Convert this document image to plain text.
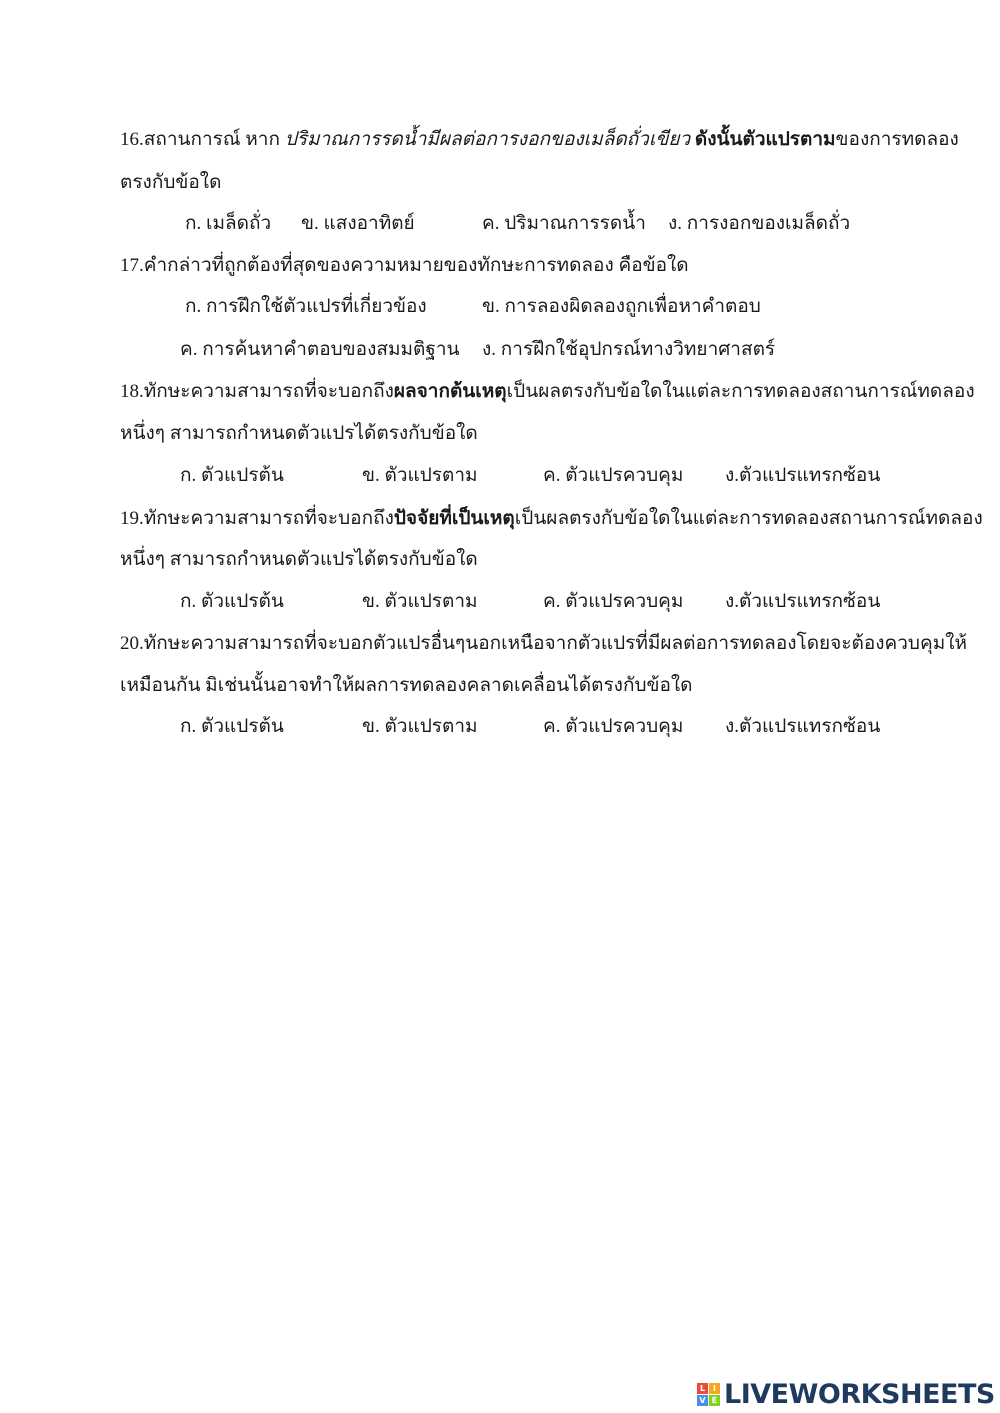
16.สถานการณ์ หาก ปริมาณการรดน้ำมีผลต่อการงอกของเมล็ดถั่วเขียว ดังนั้นตัวแปรตามของการทดลอง
ตรงกับข้อใด
ก. เมล็ดถั่ว ข. แสงอาทิตย์	ค. ปริมาณการรดน้ำ ง. การงอกของเมล็ดถั่ว
17.คำกล่าวที่ถูกต้องที่สุดของความหมายของทักษะการทดลอง คือข้อใด
ก. การฝึกใช้ตัวแปรที่เกี่ยวข้อง	ข. การลองผิดลองถูกเพื่อหาคำตอบ
ค. การค้นหาคำตอบของสมมติฐาน ง. การฝึกใช้อุปกรณ์ทางวิทยาศาสตร์
18.ทักษะความสามารถที่จะบอกถึงผลจากต้นเหตุเป็นผลตรงกับข้อใดในแต่ละการทดลองสถานการณ์ทดลอง
หนึ่งๆ สามารถกำหนดตัวแปรได้ตรงกับข้อใด
ก. ตัวแปรต้น	ข. ตัวแปรตาม	ค. ตัวแปรควบคุม ง.ตัวแปรแทรกซ้อน
19.ทักษะความสามารถที่จะบอกถึงปัจจัยที่เป็นเหตุเป็นผลตรงกับข้อใดในแต่ละการทดลองสถานการณ์ทดลอง
หนึ่งๆ สามารถกำหนดตัวแปรได้ตรงกับข้อใด
ก. ตัวแปรต้น	ข. ตัวแปรตาม	ค. ตัวแปรควบคุม ง.ตัวแปรแทรกซ้อน
20.ทักษะความสามารถที่จะบอกตัวแปรอื่นๆนอกเหนือจากตัวแปรที่มีผลต่อการทดลองโดยจะต้องควบคุมให้
เหมือนกัน มิเช่นนั้นอาจทำให้ผลการทดลองคลาดเคลื่อนได้ตรงกับข้อใด
ก. ตัวแปรต้น	ข. ตัวแปรตาม	ค. ตัวแปรควบคุม ง.ตัวแปรแทรกซ้อน
L I
V E LIVEWORKSHEETS
